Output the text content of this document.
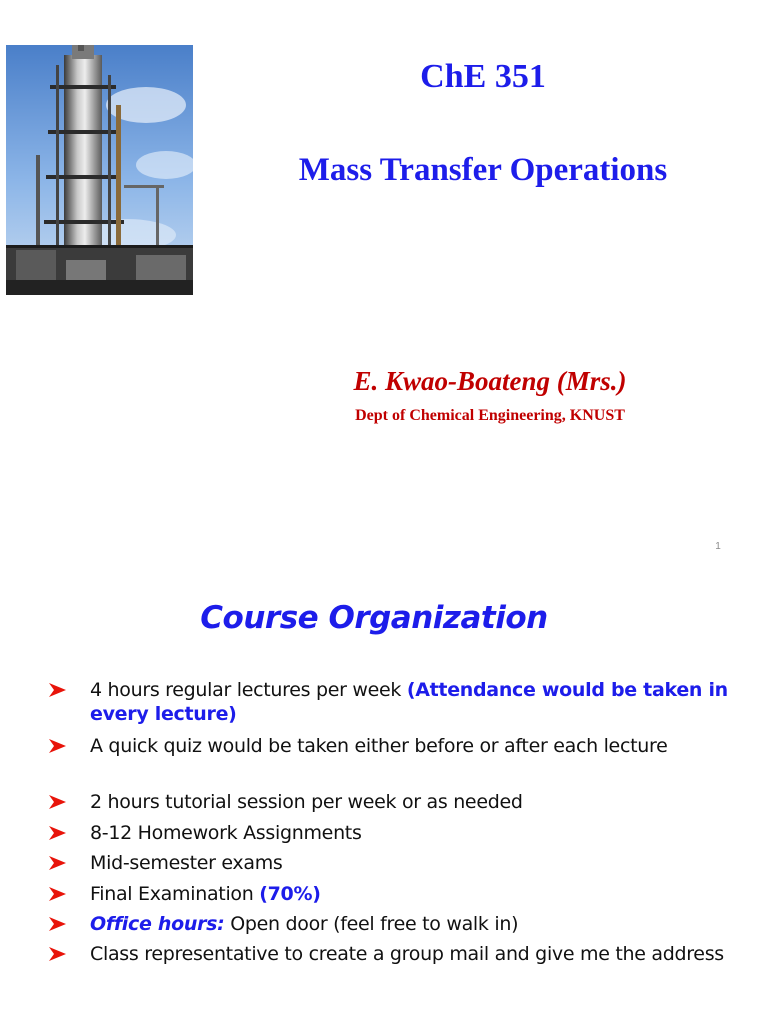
ChE 351
Mass Transfer Operations
E. Kwao-Boateng (Mrs.)
Dept of Chemical Engineering, KNUST
1
Course Organization
4 hours regular lectures per week (Attendance would be taken in every lecture)
A quick quiz would be taken either before or after each lecture
2 hours tutorial session per week or as needed
8-12 Homework Assignments
Mid-semester exams
Final Examination (70%)
Office hours: Open door (feel free to walk in)
Class representative to create a group mail and give me the address
